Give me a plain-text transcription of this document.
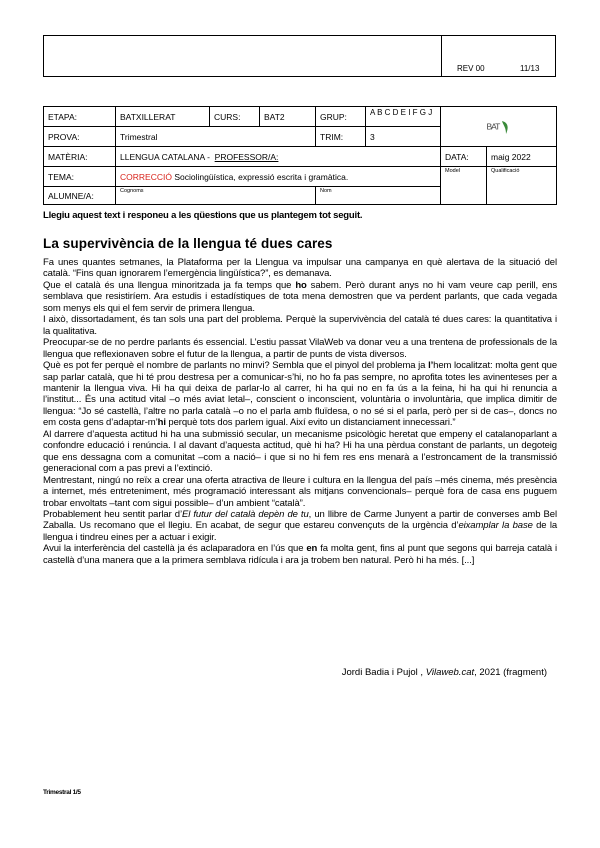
REV 00	11/13
ETAPA:	BATXILLERAT	CURS:	BAT2	GRUP:	A B C D E I F G J	BAT	
PROVA:	Trimestral			TRIM:	3		
MATÈRIA:	LLENGUA CATALANA - PROFESSOR/A:					DATA:	maig 2022
TEMA:	CORRECCIÓ Sociolingüística, expressió escrita i gramàtica.					Model	Qualificació
ALUMNE/A:	Cognoms			Nom			
Llegiu aquest text i responeu a les qüestions que us plantegem tot seguit.
La supervivència de la llengua té dues cares

Fa unes quantes setmanes, la Plataforma per la Llengua va impulsar una campanya en què alertava de la situació del català. “Fins quan ignorarem l’emergència lingüística?”, es demanava.

Que el català és una llengua minoritzada ja fa temps que ho sabem. Però durant anys no hi vam veure cap perill, ens semblava que resistiríem. Ara estudis i estadístiques de tota mena demostren que va perdent parlants, que cada vegada som menys els qui el fem servir de primera llengua.

I això, dissortadament, és tan sols una part del problema. Perquè la supervivència del català té dues cares: la quantitativa i la qualitativa.

Preocupar-se de no perdre parlants és essencial. L’estiu passat VilaWeb va donar veu a una trentena de professionals de la llengua que reflexionaven sobre el futur de la llengua, a partir de punts de vista diversos.

Què es pot fer perquè el nombre de parlants no minvi? Sembla que el pinyol del problema ja l’hem localitzat: molta gent que sap parlar català, que hi té prou destresa per a comunicar-s’hi, no ho fa pas sempre, no aprofita totes les avinenteses per a mantenir la llengua viva. Hi ha qui deixa de parlar-lo al carrer, hi ha qui no en fa ús a la feina, hi ha qui hi renuncia a l’institut... És una actitud vital –o més aviat letal–, conscient o inconscient, voluntària o involuntària, que implica dimitir de llengua: “Jo sé castellà, l’altre no parla català –o no el parla amb fluïdesa, o no sé si el parla, però per si de cas–, doncs no em costa gens d’adaptar-m’hi perquè tots dos parlem igual. Així evito un distanciament innecessari.”

Al darrere d’aquesta actitud hi ha una submissió secular, un mecanisme psicològic heretat que empeny el catalanoparlant a confondre educació i renúncia. I al davant d’aquesta actitud, què hi ha? Hi ha una pèrdua constant de parlants, un degoteig que ens dessagna com a comunitat –com a nació– i que si no hi fem res ens menarà a l’estroncament de la transmissió generacional com a pas previ a l’extinció.

Mentrestant, ningú no reïx a crear una oferta atractiva de lleure i cultura en la llengua del país –més cinema, més presència a internet, més entreteniment, més programació interessant als mitjans convencionals– perquè fora de casa ens puguem trobar envoltats –tant com sigui possible– d’un ambient “català”.

Probablement heu sentit parlar d’El futur del català depèn de tu, un llibre de Carme Junyent a partir de converses amb Bel Zaballa. Us recomano que el llegiu. En acabat, de segur que estareu convençuts de la urgència d’eixamplar la base de la llengua i tindreu eines per a actuar i exigir.

Avui la interferència del castellà ja és aclaparadora en l’ús que en fa molta gent, fins al punt que segons qui barreja català i castellà d’una manera que a la primera semblava ridícula i ara ja trobem ben natural. Però hi ha més. [...]

Jordi Badia i Pujol , Vilaweb.cat, 2021 (fragment)
Trimestral 1/5
